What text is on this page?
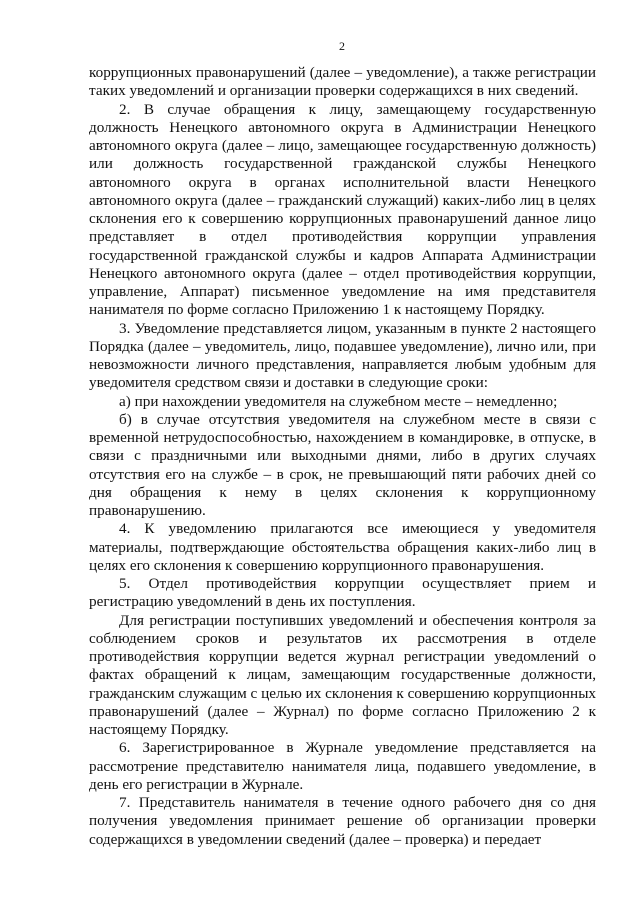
2

коррупционных правонарушений (далее – уведомление), а также регистрации таких уведомлений и организации проверки содержащихся в них сведений.

2. В случае обращения к лицу, замещающему государственную должность Ненецкого автономного округа в Администрации Ненецкого автономного округа (далее – лицо, замещающее государственную должность) или должность государственной гражданской службы Ненецкого автономного округа в органах исполнительной власти Ненецкого автономного округа (далее – гражданский служащий) каких-либо лиц в целях склонения его к совершению коррупционных правонарушений данное лицо представляет в отдел противодействия коррупции управления государственной гражданской службы и кадров Аппарата Администрации Ненецкого автономного округа (далее – отдел противодействия коррупции, управление, Аппарат) письменное уведомление на имя представителя нанимателя по форме согласно Приложению 1 к настоящему Порядку.

3. Уведомление представляется лицом, указанным в пункте 2 настоящего Порядка (далее – уведомитель, лицо, подавшее уведомление), лично или, при невозможности личного представления, направляется любым удобным для уведомителя средством связи и доставки в следующие сроки:

а) при нахождении уведомителя на служебном месте – немедленно;

б) в случае отсутствия уведомителя на служебном месте в связи с временной нетрудоспособностью, нахождением в командировке, в отпуске, в связи с праздничными или выходными днями, либо в других случаях отсутствия его на службе – в срок, не превышающий пяти рабочих дней со дня обращения к нему в целях склонения к коррупционному правонарушению.

4. К уведомлению прилагаются все имеющиеся у уведомителя материалы, подтверждающие обстоятельства обращения каких-либо лиц в целях его склонения к совершению коррупционного правонарушения.

5. Отдел противодействия коррупции осуществляет прием и регистрацию уведомлений в день их поступления.

Для регистрации поступивших уведомлений и обеспечения контроля за соблюдением сроков и результатов их рассмотрения в отделе противодействия коррупции ведется журнал регистрации уведомлений о фактах обращений к лицам, замещающим государственные должности, гражданским служащим с целью их склонения к совершению коррупционных правонарушений (далее – Журнал) по форме согласно Приложению 2 к настоящему Порядку.

6. Зарегистрированное в Журнале уведомление представляется на рассмотрение представителю нанимателя лица, подавшего уведомление, в день его регистрации в Журнале.

7. Представитель нанимателя в течение одного рабочего дня со дня получения уведомления принимает решение об организации проверки содержащихся в уведомлении сведений (далее – проверка) и передает
